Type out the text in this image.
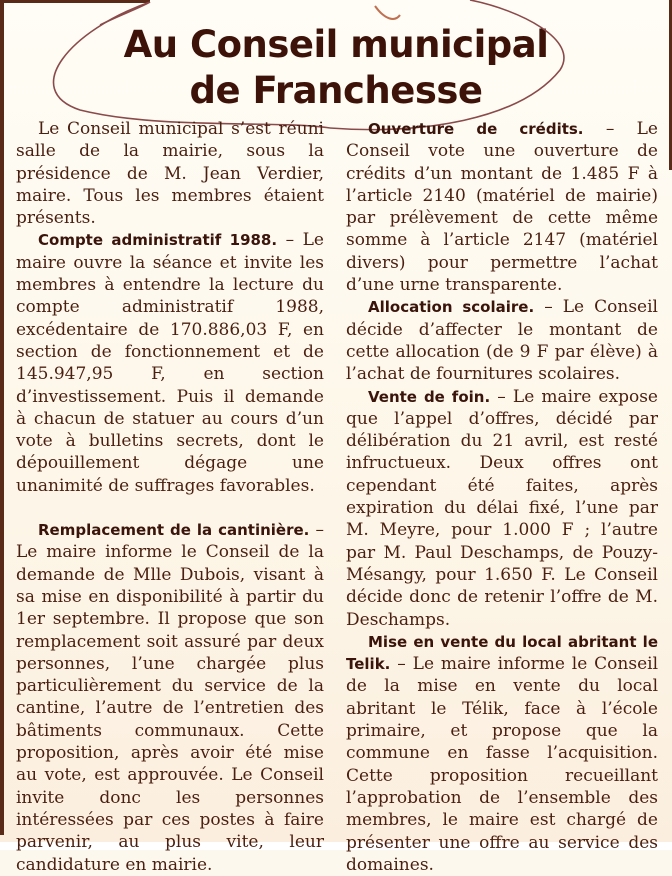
Au Conseil municipal
de Franchesse

Le Conseil municipal s’est réuni salle de la mairie, sous la présidence de M. Jean Verdier, maire. Tous les membres étaient présents.

Compte administratif 1988. – Le maire ouvre la séance et invite les membres à entendre la lecture du compte administratif 1988, excédentaire de 170.886,03 F, en section de fonctionnement et de 145.947,95 F, en section d’investissement. Puis il demande à chacun de statuer au cours d’un vote à bulletins secrets, dont le dépouillement dégage une unanimité de suffrages favorables.

Remplacement de la cantinière. – Le maire informe le Conseil de la demande de Mlle Dubois, visant à sa mise en disponibilité à partir du 1er septembre. Il propose que son remplacement soit assuré par deux personnes, l’une chargée plus particulièrement du service de la cantine, l’autre de l’entretien des bâtiments communaux. Cette proposition, après avoir été mise au vote, est approuvée. Le Conseil invite donc les personnes intéressées par ces postes à faire parvenir, au plus vite, leur candidature en mairie.

Ouverture de crédits. – Le Conseil vote une ouverture de crédits d’un montant de 1.485 F à l’article 2140 (matériel de mairie) par prélèvement de cette même somme à l’article 2147 (matériel divers) pour permettre l’achat d’une urne transparente.

Allocation scolaire. – Le Conseil décide d’affecter le montant de cette allocation (de 9 F par élève) à l’achat de fournitures scolaires.

Vente de foin. – Le maire expose que l’appel d’offres, décidé par délibération du 21 avril, est resté infructueux. Deux offres ont cependant été faites, après expiration du délai fixé, l’une par M. Meyre, pour 1.000 F ; l’autre par M. Paul Deschamps, de Pouzy-Mésangy, pour 1.650 F. Le Conseil décide donc de retenir l’offre de M. Deschamps.

Mise en vente du local abritant le Telik. – Le maire informe le Conseil de la mise en vente du local abritant le Télik, face à l’école primaire, et propose que la commune en fasse l’acquisition. Cette proposition recueillant l’approbation de l’ensemble des membres, le maire est chargé de présenter une offre au service des domaines.
